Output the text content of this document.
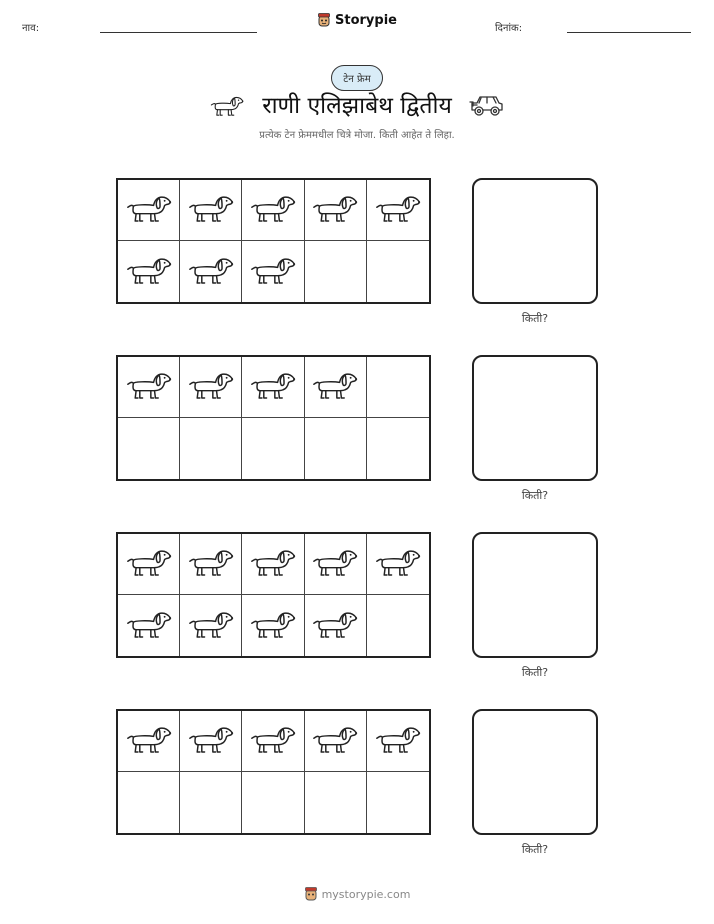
नाव:
Storypie
दिनांक:
टेन फ्रेम
राणी एलिझाबेथ द्वितीय
प्रत्येक टेन फ्रेममधील चित्रे मोजा. किती आहेत ते लिहा.
किती?
किती?
किती?
किती?
mystorypie.com
